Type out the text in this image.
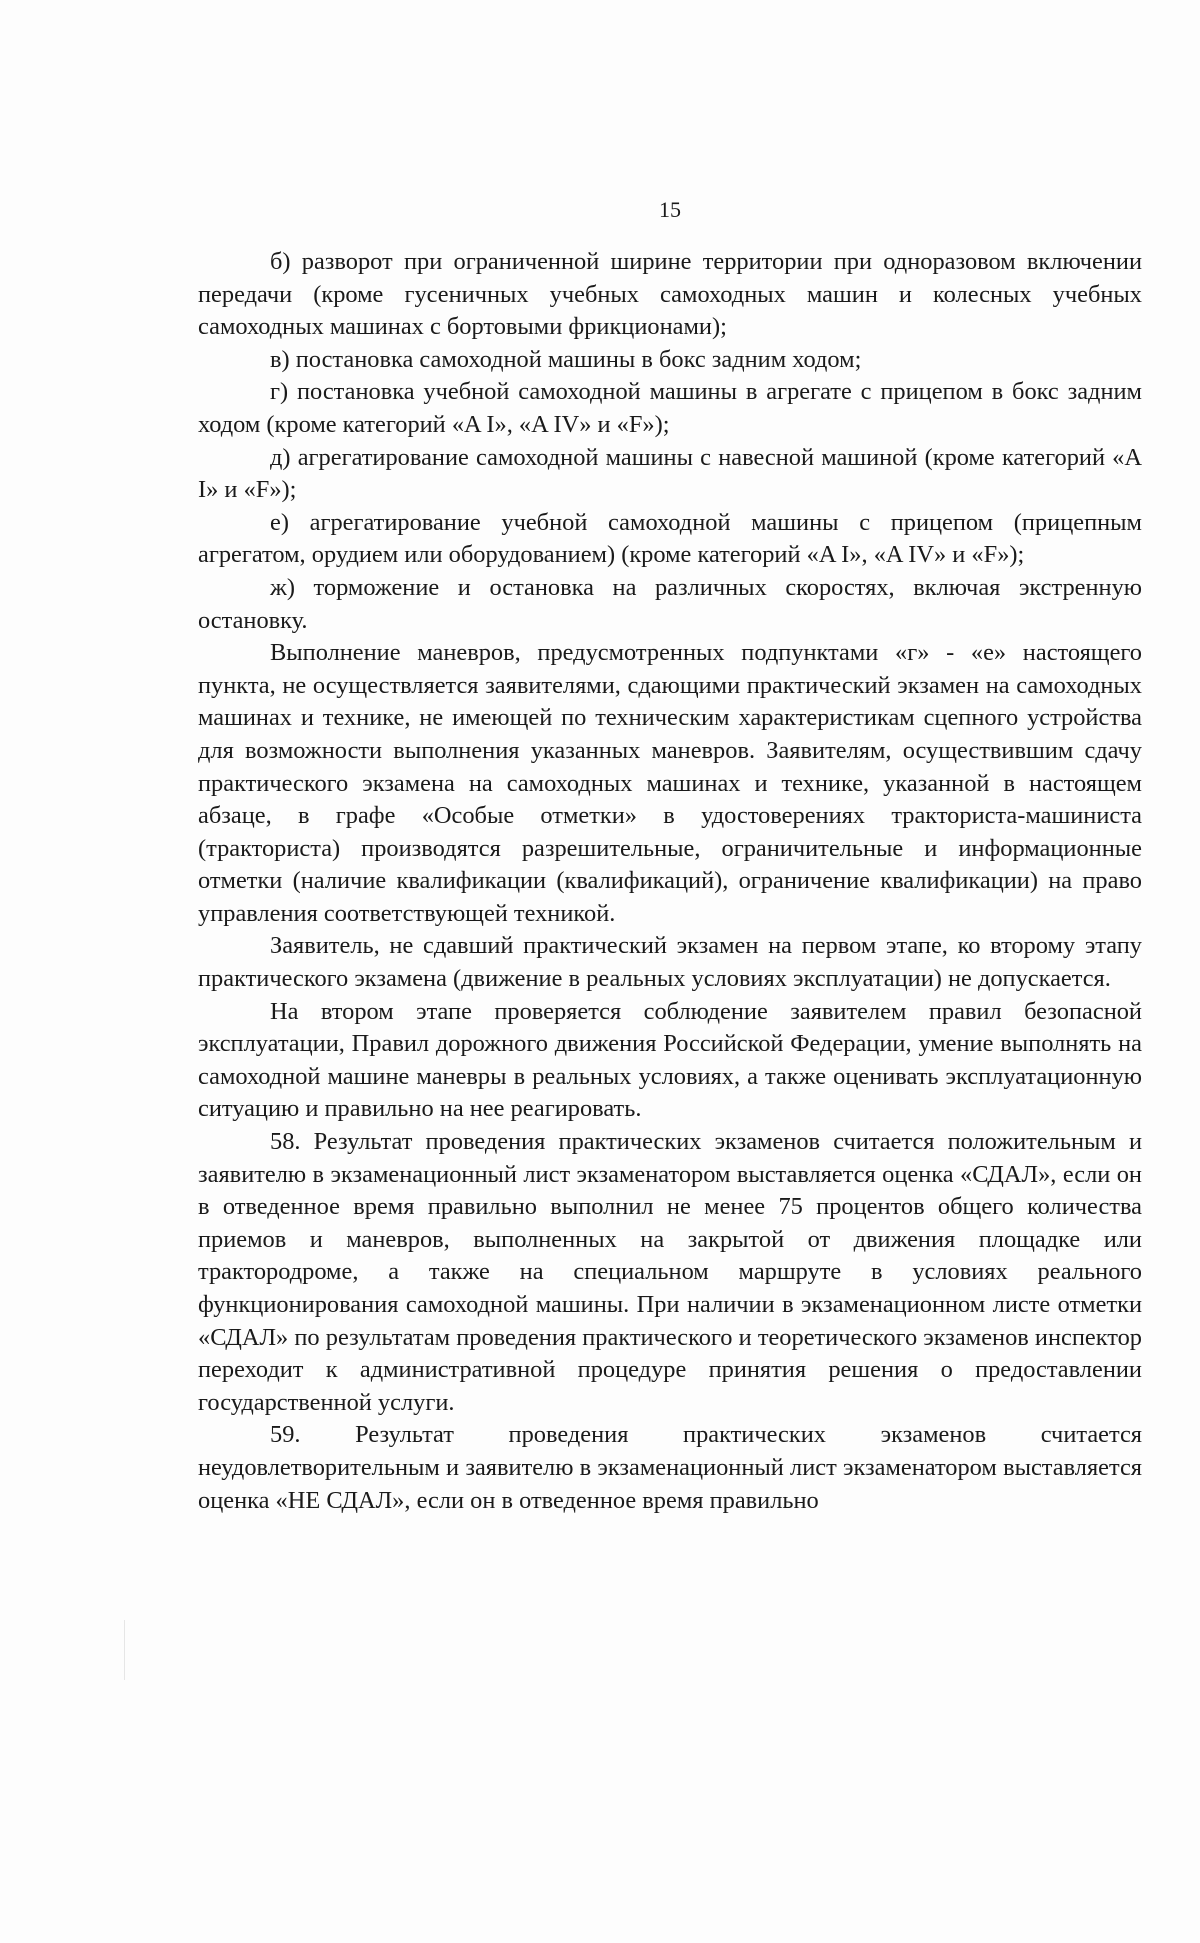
15

б) разворот при ограниченной ширине территории при одноразовом включении передачи (кроме гусеничных учебных самоходных машин и колесных учебных самоходных машинах с бортовыми фрикционами);

в) постановка самоходной машины в бокс задним ходом;

г) постановка учебной самоходной машины в агрегате с прицепом в бокс задним ходом (кроме категорий «A I», «A IV» и «F»);

д) агрегатирование самоходной машины с навесной машиной (кроме категорий «A I» и «F»);

е) агрегатирование учебной самоходной машины с прицепом (прицепным агрегатом, орудием или оборудованием) (кроме категорий «A I», «A IV» и «F»);

ж) торможение и остановка на различных скоростях, включая экстренную остановку.

Выполнение маневров, предусмотренных подпунктами «г» - «е» настоящего пункта, не осуществляется заявителями, сдающими практический экзамен на самоходных машинах и технике, не имеющей по техническим характеристикам сцепного устройства для возможности выполнения указанных маневров. Заявителям, осуществившим сдачу практического экзамена на самоходных машинах и технике, указанной в настоящем абзаце, в графе «Особые отметки» в удостоверениях тракториста-машиниста (тракториста) производятся разрешительные, ограничительные и информационные отметки (наличие квалификации (квалификаций), ограничение квалификации) на право управления соответствующей техникой.

Заявитель, не сдавший практический экзамен на первом этапе, ко второму этапу практического экзамена (движение в реальных условиях эксплуатации) не допускается.

На втором этапе проверяется соблюдение заявителем правил безопасной эксплуатации, Правил дорожного движения Российской Федерации, умение выполнять на самоходной машине маневры в реальных условиях, а также оценивать эксплуатационную ситуацию и правильно на нее реагировать.

58. Результат проведения практических экзаменов считается положительным и заявителю в экзаменационный лист экзаменатором выставляется оценка «СДАЛ», если он в отведенное время правильно выполнил не менее 75 процентов общего количества приемов и маневров, выполненных на закрытой от движения площадке или трактородроме, а также на специальном маршруте в условиях реального функционирования самоходной машины. При наличии в экзаменационном листе отметки «СДАЛ» по результатам проведения практического и теоретического экзаменов инспектор переходит к административной процедуре принятия решения о предоставлении государственной услуги.

59. Результат проведения практических экзаменов считается неудовлетворительным и заявителю в экзаменационный лист экзаменатором выставляется оценка «НЕ СДАЛ», если он в отведенное время правильно
